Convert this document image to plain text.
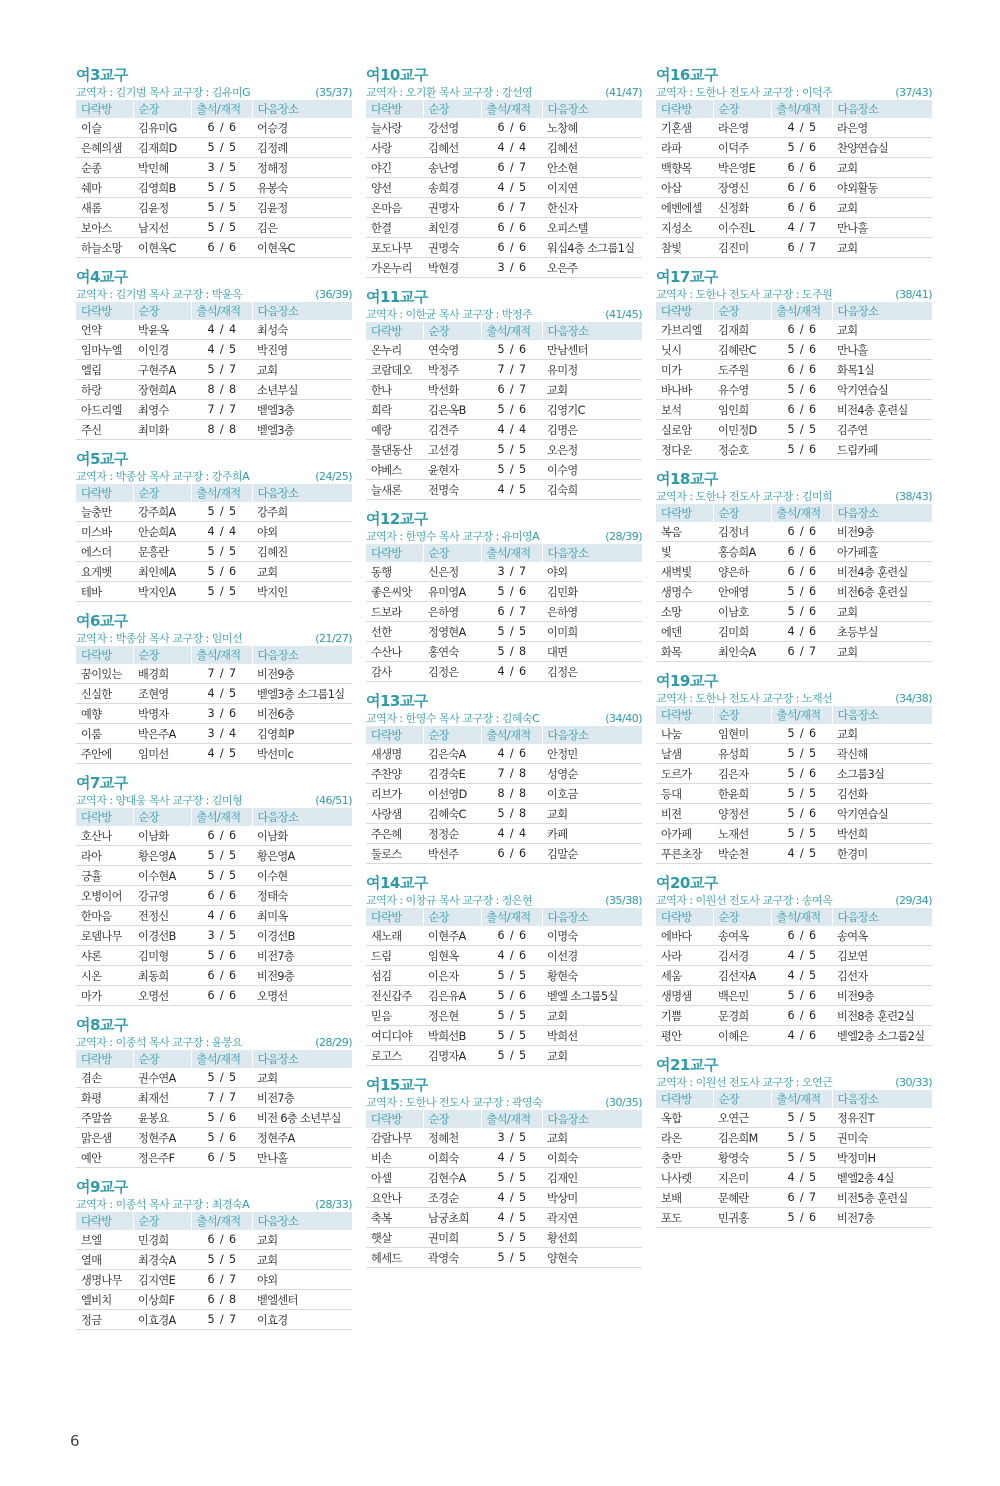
여3교구
교역자 : 김기범 목사 교구장 : 김유미G	(35/37)
다락방	순장	출석/재적	다음장소
이슬	김유미G	6 / 6	어승경
은혜의샘	김재희D	5 / 5	김정례
순종	박민혜	3 / 5	정해정
쉐마	김영희B	5 / 5	유봉숙
새롬	김윤정	5 / 5	김윤정
보아스	남지선	5 / 5	김은
하늘소망	이현옥C	6 / 6	이현옥C
여4교구
교역자 : 김기범 목사 교구장 : 박윤옥	(36/39)
다락방	순장	출석/재적	다음장소
언약	박윤옥	4 / 4	최성숙
임마누엘	이인경	4 / 5	박진영
엘림	구현주A	5 / 7	교회
하랑	장현희A	8 / 8	소년부실
아드리엘	최영수	7 / 7	벧엘3층
주신	최미화	8 / 8	벧엘3층
여5교구
교역자 : 박종삼 목사 교구장 : 강주희A	(24/25)
다락방	순장	출석/재적	다음장소
늘충만	강주희A	5 / 5	강주희
미스바	안순희A	4 / 4	야외
에스더	문흥란	5 / 5	김혜진
요게벳	최인혜A	5 / 6	교회
테바	박지인A	5 / 5	박지인
여6교구
교역자 : 박종삼 목사 교구장 : 임미선	(21/27)
다락방	순장	출석/재적	다음장소
꿈이있는	배경희	7 / 7	비전9층
신실한	조현영	4 / 5	벧엘3층 소그룹1실
예향	박명자	3 / 6	비전6층
이룸	박은주A	3 / 4	김영희P
주안에	임미선	4 / 5	박선미c
여7교구
교역자 : 양대웅 목사 교구장 : 김미형	(46/51)
다락방	순장	출석/재적	다음장소
호산나	이남화	6 / 6	이남화
라아	황은영A	5 / 5	황은영A
긍휼	이수현A	5 / 5	이수현
오병이어	강규영	6 / 6	정태숙
한마음	전정신	4 / 6	최미옥
로뎀나무	이경선B	3 / 5	이경선B
샤론	김미형	5 / 6	비전7층
시온	최동희	6 / 6	비전9층
마가	오명선	6 / 6	오명선
여8교구
교역자 : 이종석 목사 교구장 : 윤봉요	(28/29)
다락방	순장	출석/재적	다음장소
겸손	권수연A	5 / 5	교회
화평	최재선	7 / 7	비전7층
주말씀	윤봉요	5 / 6	비전 6층 소년부실
맑은샘	정현주A	5 / 6	정현주A
예안	정은주F	6 / 5	만나홀
여9교구
교역자 : 이종석 목사 교구장 : 최경숙A	(28/33)
다락방	순장	출석/재적	다음장소
브엘	민경희	6 / 6	교회
열매	최경숙A	5 / 5	교회
생명나무	김지연E	6 / 7	야외
엘비치	이상희F	6 / 8	벧엘센터
정금	이효경A	5 / 7	이효경
여10교구
교역자 : 오기환 목사 교구장 : 강선영	(41/47)
다락방	순장	출석/재적	다음장소
늘사랑	강선영	6 / 6	노창혜
사랑	김혜선	4 / 4	김혜선
야긴	송난영	6 / 7	안소현
양선	송희경	4 / 5	이지연
온마음	권명자	6 / 7	한신자
한결	최인경	6 / 6	오피스텔
포도나무	권명숙	6 / 6	워십4층 소그룹1실
가온누리	박현경	3 / 6	오은주
여11교구
교역자 : 이한균 목사 교구장 : 박정주	(41/45)
다락방	순장	출석/재적	다음장소
온누리	연숙영	5 / 6	만남센터
코람데오	박정주	7 / 7	유미정
한나	박선화	6 / 7	교회
희락	김은옥B	5 / 6	김영기C
예랑	김견주	4 / 4	김명은
물댄동산	고선경	5 / 5	오은정
야베스	윤현자	5 / 5	이수영
늘새론	전명숙	4 / 5	김숙희
여12교구
교역자 : 한영수 목사 교구장 : 유미영A	(28/39)
다락방	순장	출석/재적	다음장소
동행	신은정	3 / 7	야외
좋은씨앗	유미영A	5 / 6	김민화
드보라	은하영	6 / 7	은하영
선한	정영현A	5 / 5	이미희
수산나	홍연숙	5 / 8	대면
감사	김정은	4 / 6	김정은
여13교구
교역자 : 한영수 목사 교구장 : 김혜숙C	(34/40)
다락방	순장	출석/재적	다음장소
새생명	김은숙A	4 / 6	안정민
주찬양	김경숙E	7 / 8	성영순
리브가	이선영D	8 / 8	이호금
사랑샘	김혜숙C	5 / 8	교회
주은혜	정정순	4 / 4	카페
둘로스	박선주	6 / 6	김말순
여14교구
교역자 : 이창규 목사 교구장 : 정은현	(35/38)
다락방	순장	출석/재적	다음장소
새노래	이현주A	6 / 6	이명숙
드림	임현옥	4 / 6	이선경
섬김	이은자	5 / 5	황현숙
전신갑주	김은유A	5 / 6	벧엘 소그룹5실
믿음	정은현	5 / 5	교회
여디디야	박희선B	5 / 5	박희선
로고스	김명자A	5 / 5	교회
여15교구
교역자 : 도한나 전도사 교구장 : 곽영숙	(30/35)
다락방	순장	출석/재적	다음장소
감람나무	정혜천	3 / 5	교회
비손	이희숙	4 / 5	이희숙
아셀	김현수A	5 / 5	김재인
요안나	조경순	4 / 5	박상미
축복	남궁초희	4 / 5	곽지연
햇살	권미희	5 / 5	황선희
헤세드	곽영숙	5 / 5	양현숙
여16교구
교역자 : 도한나 전도사 교구장 : 이덕주	(37/43)
다락방	순장	출석/재적	다음장소
기혼샘	라은영	4 / 5	라은영
라파	이덕주	5 / 6	찬양연습실
백향목	박은영E	6 / 6	교회
아삽	장영신	6 / 6	야외활동
에벤에셀	신정화	6 / 6	교회
지성소	이수진L	4 / 7	만나홀
참빛	김진미	6 / 7	교회
여17교구
교역자 : 도한나 전도사 교구장 : 도주원	(38/41)
다락방	순장	출석/재적	다음장소
가브리엘	김재희	6 / 6	교회
닛시	김혜란C	5 / 6	만나홀
미가	도주원	6 / 6	화목1실
바나바	유수영	5 / 6	악기연습실
보석	임인희	6 / 6	비전4층 훈련실
실로암	이민정D	5 / 5	김주연
정다운	정순호	5 / 6	드림카페
여18교구
교역자 : 도한나 전도사 교구장 : 김미희	(38/43)
다락방	순장	출석/재적	다음장소
복음	김정녀	6 / 6	비전9층
빛	홍승희A	6 / 6	아가페홀
새벽빛	양은하	6 / 6	비전4층 훈련실
생명수	안애영	5 / 6	비전6층 훈련실
소망	이남호	5 / 6	교회
에덴	김미희	4 / 6	초등부실
화목	최인숙A	6 / 7	교회
여19교구
교역자 : 도한나 전도사 교구장 : 노재선	(34/38)
다락방	순장	출석/재적	다음장소
나눔	임현미	5 / 6	교회
날샘	유성희	5 / 5	곽신해
도르가	김은자	5 / 6	소그룹3실
등대	한윤희	5 / 5	김선화
비젼	양정선	5 / 6	악기연습실
아가페	노재선	5 / 5	박선희
푸른초장	박순천	4 / 5	한경미
여20교구
교역자 : 이원선 전도사 교구장 : 송여옥	(29/34)
다락방	순장	출석/재적	다음장소
에바다	송여옥	6 / 6	송여옥
사라	김서경	4 / 5	김보연
세움	김선자A	4 / 5	김선자
생명샘	백은민	5 / 6	비전9층
기쁨	문경희	6 / 6	비전8층 훈련2실
평안	이혜은	4 / 6	벧엘2층 소그룹2실
여21교구
교역자 : 이원선 전도사 교구장 : 오연근	(30/33)
다락방	순장	출석/재적	다음장소
옥합	오연근	5 / 5	정유진T
라온	김은희M	5 / 5	권미숙
충만	황영숙	5 / 5	박정미H
나사렛	지은미	4 / 5	벧엘2층 4실
보배	문혜란	6 / 7	비전5층 훈련실
포도	민귀홍	5 / 6	비전7층
6
